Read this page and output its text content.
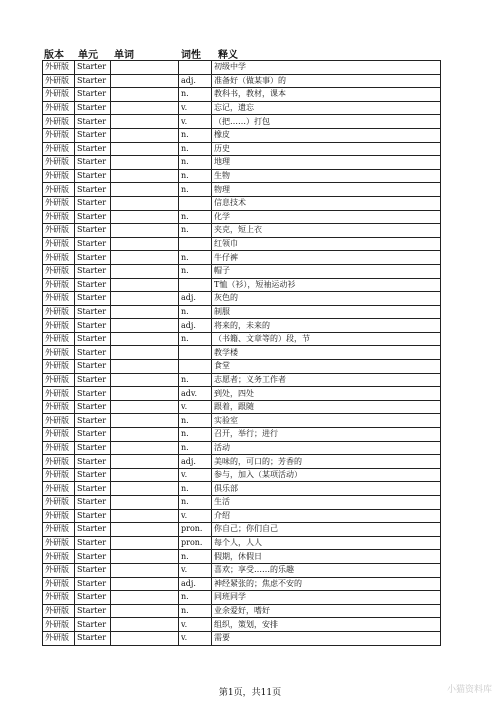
版本 单元 单词	词性 释义
外研版	Starter			初级中学
外研版	Starter		adj.	准备好（做某事）的
外研版	Starter		n.	教科书，教材，课本
外研版	Starter		v.	忘记，遗忘
外研版	Starter		v.	（把……）打包
外研版	Starter		n.	橡皮
外研版	Starter		n.	历史
外研版	Starter		n.	地理
外研版	Starter		n.	生物
外研版	Starter		n.	物理
外研版	Starter			信息技术
外研版	Starter		n.	化学
外研版	Starter		n.	夹克，短上衣
外研版	Starter			红领巾
外研版	Starter		n.	牛仔裤
外研版	Starter		n.	帽子
外研版	Starter			T恤（衫），短袖运动衫
外研版	Starter		adj.	灰色的
外研版	Starter		n.	制服
外研版	Starter		adj.	将来的，未来的
外研版	Starter		n.	（书籍、文章等的）段，节
外研版	Starter			教学楼
外研版	Starter			食堂
外研版	Starter		n.	志愿者；义务工作者
外研版	Starter		adv.	到处，四处
外研版	Starter		v.	跟着，跟随
外研版	Starter		n.	实验室
外研版	Starter		n.	召开，举行；进行
外研版	Starter		n.	活动
外研版	Starter		adj.	美味的，可口的；芳香的
外研版	Starter		v.	参与，加入（某项活动）
外研版	Starter		n.	俱乐部
外研版	Starter		n.	生活
外研版	Starter		v.	介绍
外研版	Starter		pron.	你自己；你们自己
外研版	Starter		pron.	每个人，人人
外研版	Starter		n.	假期，休假日
外研版	Starter		v.	喜欢；享受……的乐趣
外研版	Starter		adj.	神经紧张的；焦虑不安的
外研版	Starter		n.	同班同学
外研版	Starter		n.	业余爱好，嗜好
外研版	Starter		v.	组织，策划，安排
外研版	Starter		v.	需要
第1页，共11页	小猫资料库
